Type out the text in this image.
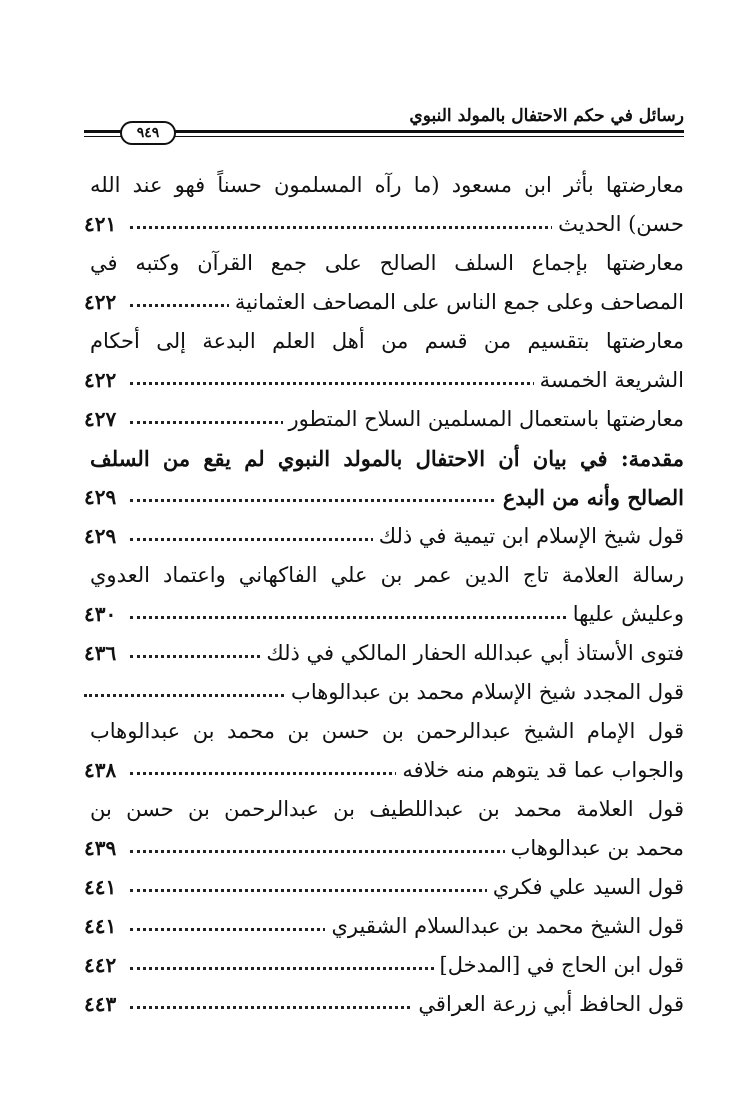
رسائل في حكم الاحتفال بالمولد النبوي
٩٤٩
معارضتها بأثر ابن مسعود (ما رآه المسلمون حسناً فهو عند الله
حسن) الحديث
٤٢١
معارضتها بإجماع السلف الصالح على جمع القرآن وكتبه في
المصاحف وعلى جمع الناس على المصاحف العثمانية
٤٢٢
معارضتها بتقسيم من قسم من أهل العلم البدعة إلى أحكام
الشريعة الخمسة
٤٢٢
معارضتها باستعمال المسلمين السلاح المتطور
٤٢٧
مقدمة: في بيان أن الاحتفال بالمولد النبوي لم يقع من السلف
الصالح وأنه من البدع
٤٢٩
قول شيخ الإسلام ابن تيمية في ذلك
٤٢٩
رسالة العلامة تاج الدين عمر بن علي الفاكهاني واعتماد العدوي
وعليش عليها
٤٣٠
فتوى الأستاذ أبي عبدالله الحفار المالكي في ذلك
٤٣٦
قول المجدد شيخ الإسلام محمد بن عبدالوهاب
قول الإمام الشيخ عبدالرحمن بن حسن بن محمد بن عبدالوهاب
والجواب عما قد يتوهم منه خلافه
٤٣٨
قول العلامة محمد بن عبداللطيف بن عبدالرحمن بن حسن بن
محمد بن عبدالوهاب
٤٣٩
قول السيد علي فكري
٤٤١
قول الشيخ محمد بن عبدالسلام الشقيري
٤٤١
قول ابن الحاج في [المدخل]
٤٤٢
قول الحافظ أبي زرعة العراقي
٤٤٣
